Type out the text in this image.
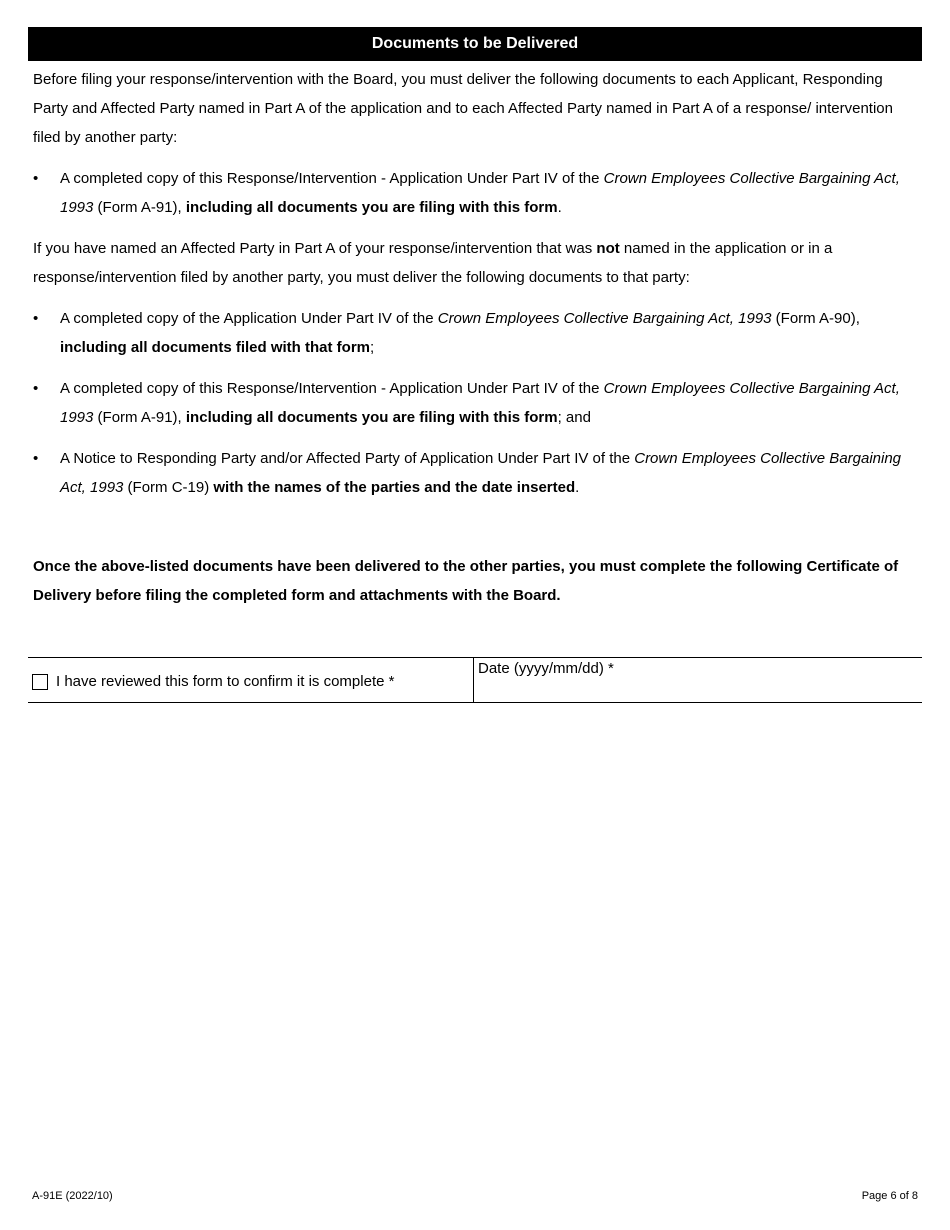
Documents to be Delivered

Before filing your response/intervention with the Board, you must deliver the following documents to each Applicant, Responding Party and Affected Party named in Part A of the application and to each Affected Party named in Part A of a response/ intervention filed by another party:

• A completed copy of this Response/Intervention - Application Under Part IV of the Crown Employees Collective Bargaining Act, 1993 (Form A-91), including all documents you are filing with this form.

If you have named an Affected Party in Part A of your response/intervention that was not named in the application or in a response/intervention filed by another party, you must deliver the following documents to that party:

• A completed copy of the Application Under Part IV of the Crown Employees Collective Bargaining Act, 1993 (Form A-90), including all documents filed with that form;
• A completed copy of this Response/Intervention - Application Under Part IV of the Crown Employees Collective Bargaining Act, 1993 (Form A-91), including all documents you are filing with this form; and
• A Notice to Responding Party and/or Affected Party of Application Under Part IV of the Crown Employees Collective Bargaining Act, 1993 (Form C-19) with the names of the parties and the date inserted.
Once the above-listed documents have been delivered to the other parties, you must complete the following Certificate of Delivery before filing the completed form and attachments with the Board.
I have reviewed this form to confirm it is complete *
Date (yyyy/mm/dd) *
A-91E (2022/10)	Page 6 of 8
